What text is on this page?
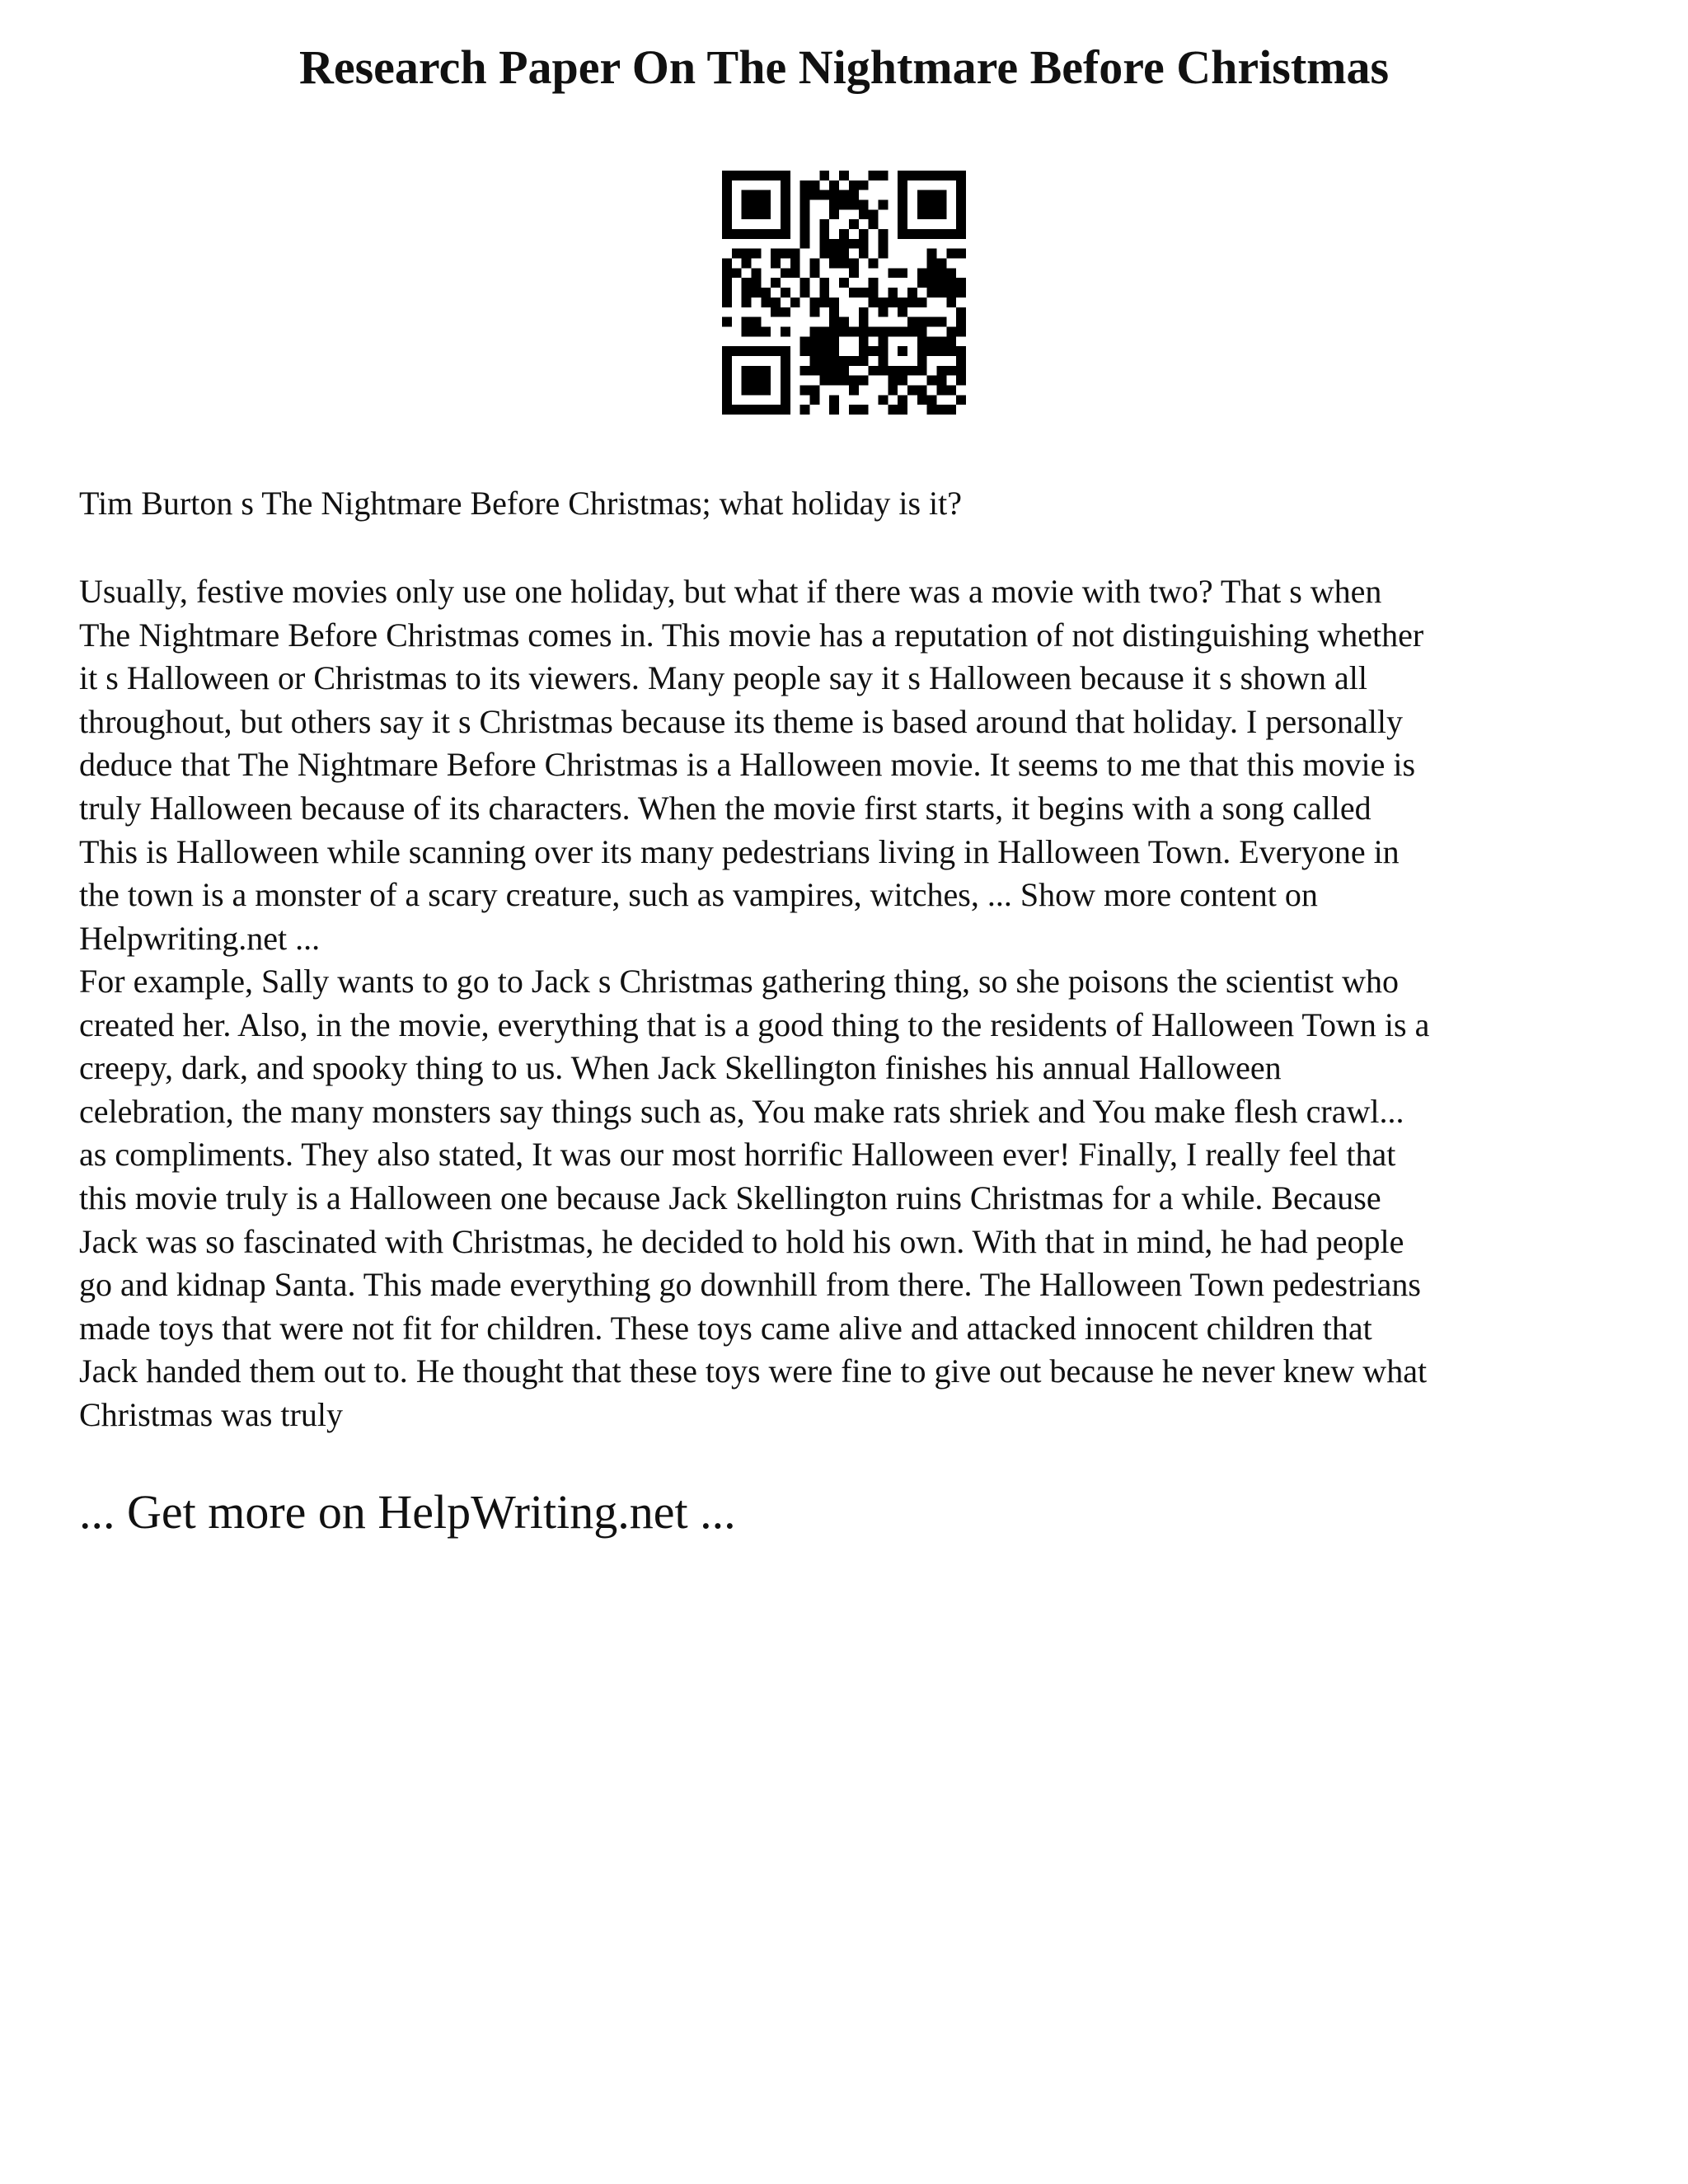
Research Paper On The Nightmare Before Christmas
Tim Burton s The Nightmare Before Christmas; what holiday is it?
Usually, festive movies only use one holiday, but what if there was a movie with two? That s when
The Nightmare Before Christmas comes in. This movie has a reputation of not distinguishing whether
it s Halloween or Christmas to its viewers. Many people say it s Halloween because it s shown all
throughout, but others say it s Christmas because its theme is based around that holiday. I personally
deduce that The Nightmare Before Christmas is a Halloween movie. It seems to me that this movie is
truly Halloween because of its characters. When the movie first starts, it begins with a song called
This is Halloween while scanning over its many pedestrians living in Halloween Town. Everyone in
the town is a monster of a scary creature, such as vampires, witches, ... Show more content on
Helpwriting.net ...
For example, Sally wants to go to Jack s Christmas gathering thing, so she poisons the scientist who
created her. Also, in the movie, everything that is a good thing to the residents of Halloween Town is a
creepy, dark, and spooky thing to us. When Jack Skellington finishes his annual Halloween
celebration, the many monsters say things such as, You make rats shriek and You make flesh crawl...
as compliments. They also stated, It was our most horrific Halloween ever! Finally, I really feel that
this movie truly is a Halloween one because Jack Skellington ruins Christmas for a while. Because
Jack was so fascinated with Christmas, he decided to hold his own. With that in mind, he had people
go and kidnap Santa. This made everything go downhill from there. The Halloween Town pedestrians
made toys that were not fit for children. These toys came alive and attacked innocent children that
Jack handed them out to. He thought that these toys were fine to give out because he never knew what
Christmas was truly
... Get more on HelpWriting.net ...
